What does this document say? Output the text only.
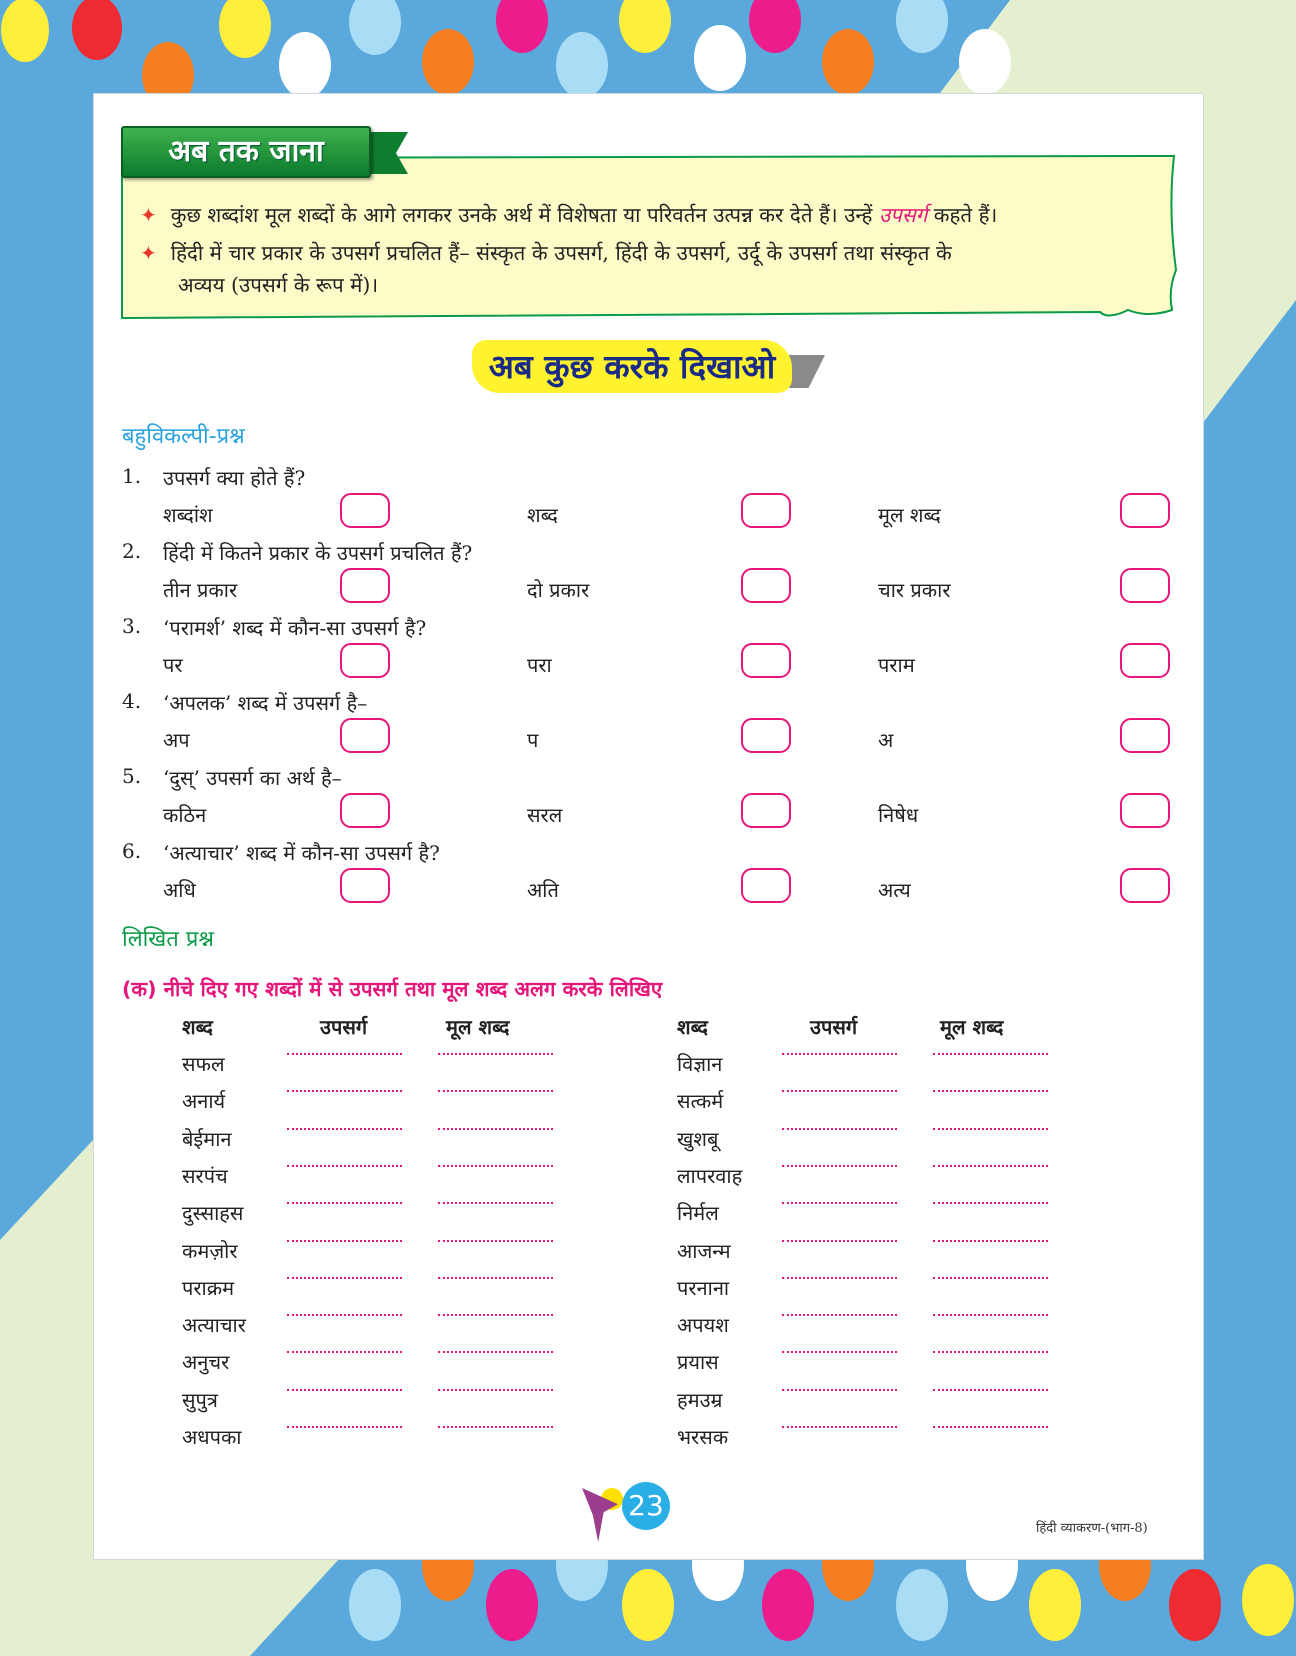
अब तक जाना
✦ कुछ शब्दांश मूल शब्दों के आगे लगकर उनके अर्थ में विशेषता या परिवर्तन उत्पन्न कर देते हैं। उन्हें उपसर्ग कहते हैं।
✦ हिंदी में चार प्रकार के उपसर्ग प्रचलित हैं– संस्कृत के उपसर्ग, हिंदी के उपसर्ग, उर्दू के उपसर्ग तथा संस्कृत के
अव्यय (उपसर्ग के रूप में)।
अब कुछ करके दिखाओ
बहुविकल्पी-प्रश्न
1. उपसर्ग क्या होते हैं?
शब्दांश	शब्द	मूल शब्द
2. हिंदी में कितने प्रकार के उपसर्ग प्रचलित हैं?
तीन प्रकार	दो प्रकार	चार प्रकार
3. ‘परामर्श’ शब्द में कौन-सा उपसर्ग है?
पर	परा	पराम
4. ‘अपलक’ शब्द में उपसर्ग है–
अप	प	अ
5. ‘दुस्’ उपसर्ग का अर्थ है–
कठिन	सरल	निषेध
6. ‘अत्याचार’ शब्द में कौन-सा उपसर्ग है?
अधि	अति	अत्य
लिखित प्रश्न
(क) नीचे दिए गए शब्दों में से उपसर्ग तथा मूल शब्द अलग करके लिखिए
शब्द	उपसर्ग	मूल शब्द
सफल
अनार्य
बेईमान
सरपंच
दुस्साहस
कमज़ोर
पराक्रम
अत्याचार
अनुचर
सुपुत्र
अधपका
शब्द	उपसर्ग	मूल शब्द
विज्ञान
सत्कर्म
खुशबू
लापरवाह
निर्मल
आजन्म
परनाना
अपयश
प्रयास
हमउम्र
भरसक
23
हिंदी व्याकरण-(भाग-8)
